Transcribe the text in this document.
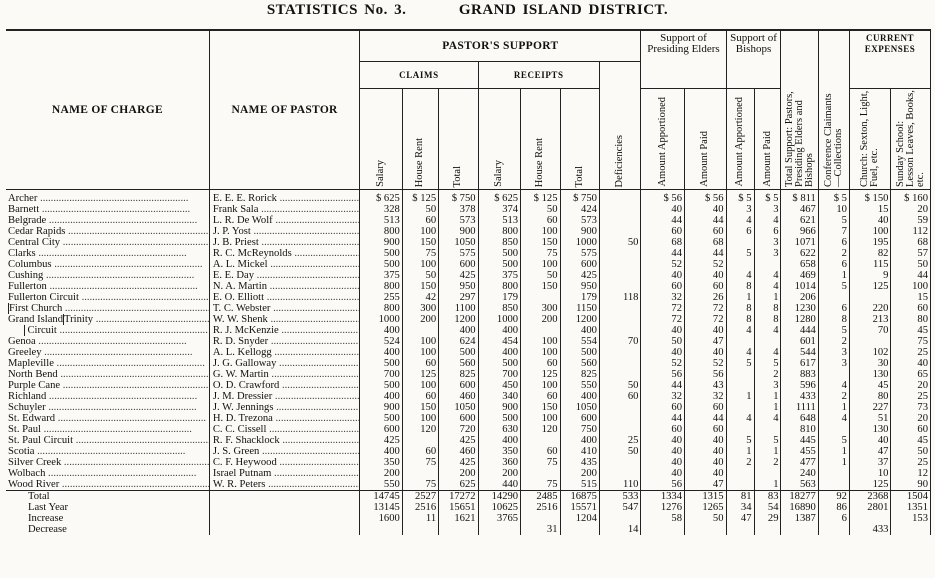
STATISTICS No. 3.	GRAND ISLAND DISTRICT.
NAME OF CHARGE	NAME OF PASTOR	PASTOR'S SUPPORT							Support of Presiding Elders		Support of Bishops		Total Support: Pastors, Presiding Elders and Bishops	Conference Claimants—Collections	CURRENT EXPENSES	
		CLAIMS			RECEIPTS			Deficiencies								

		Salary	House Rent	Total	Salary	House Rent	Total		Amount Apportioned	Amount Paid	Amount Apportioned	Amount Paid			Church: Sexton, Light, Fuel, etc.	Sunday School: Lesson Leaves, Books, etc.

Archer .....	E. E. E. Rorick .....	$ 625	$ 125	$ 750	$ 625	$ 125	$ 750		$ 56	$ 56	$ 5	$ 5	$ 811	$ 5	$ 150	$ 160
Barnett .....	Frank Sala .....	328	50	378	374	50	424		40	40	3	3	467	10	15	20
Belgrade .....	L. R. De Wolf .....	513	60	573	513	60	573		44	44	4	4	621	5	40	59
Cedar Rapids .....	J. P. Yost .....	800	100	900	800	100	900		60	60	6	6	966	7	100	112
Central City .....	J. B. Priest .....	900	150	1050	850	150	1000	50	68	68		3	1071	6	195	68
Clarks .....	R. C. McReynolds .....	500	75	575	500	75	575		44	44	5	3	622	2	82	57
Columbus .....	A. L. Mickel .....	500	100	600	500	100	600		52	52			658	6	115	50
Cushing .....	E. E. Day .....	375	50	425	375	50	425		40	40	4	4	469	1	9	44
Fullerton .....	N. A. Martin .....	800	150	950	800	150	950		60	60	8	4	1014	5	125	100
Fullerton Circuit .....	E. O. Elliott .....	255	42	297	179		179	118	32	26	1	1	206			15

First Church .....	T. C. Webster .....	800	300	1100	850	300	1150		72	72	8	8	1230	6	220	60

Grand Island Trinity .....	W. W. Shenk .....	1000	200	1200	1000	200	1200		72	72	8	8	1280	8	213	80

Circuit .....	R. J. McKenzie .....	400		400	400		400		40	40	4	4	444	5	70	45
Genoa .....	R. D. Snyder .....	524	100	624	454	100	554	70	50	47			601	2		75
Greeley .....	A. L. Kellogg .....	400	100	500	400	100	500		40	40	4	4	544	3	102	25
Mapleville .....	J. G. Galloway .....	500	60	560	500	60	560		52	52	5	5	617	3	30	40
North Bend .....	G. W. Martin .....	700	125	825	700	125	825		56	56		2	883		130	65
Purple Cane .....	O. D. Crawford .....	500	100	600	450	100	550	50	44	43		3	596	4	45	20
Richland .....	J. M. Dressier .....	400	60	460	340	60	400	60	32	32	1	1	433	2	80	25
Schuyler .....	J. W. Jennings .....	900	150	1050	900	150	1050		60	60		1	1111	1	227	73
St. Edward .....	H. D. Trezona .....	500	100	600	500	100	600		44	44	4	4	648	4	51	20
St. Paul .....	C. C. Cissell .....	600	120	720	630	120	750		60	60			810		130	60
St. Paul Circuit .....	R. F. Shacklock .....	425		425	400		400	25	40	40	5	5	445	5	40	45
Scotia .....	J. S. Green .....	400	60	460	350	60	410	50	40	40	1	1	455	1	47	50
Silver Creek .....	C. F. Heywood .....	350	75	425	360	75	435		40	40	2	2	477	1	37	25
Wolbach .....	Israel Putnam .....	200		200	200		200		40	40			240		10	12
Wood River .....	W. R. Peters .....	550	75	625	440	75	515	110	56	47		1	563		125	90
Total		14745	2527	17272	14290	2485	16875	533	1334	1315	81	83	18277	92	2368	1504
Last Year		13145	2516	15651	10625	2516	15571	547	1276	1265	34	54	16890	86	2801	1351
Increase		1600	11	1621	3765		1204		58	50	47	29	1387	6		153
Decrease						31		14							433	
